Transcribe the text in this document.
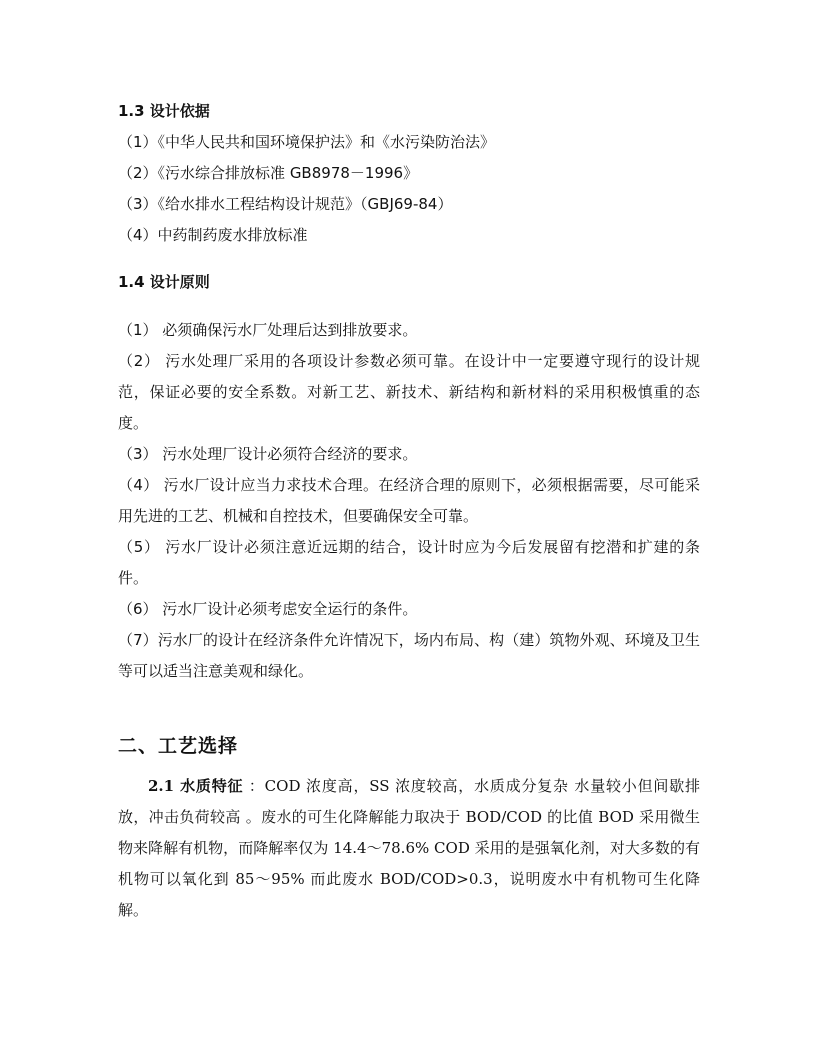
1.3 设计依据

（1）《中华人民共和国环境保护法》和《水污染防治法》

（2）《污水综合排放标准 GB8978－1996》

（3）《给水排水工程结构设计规范》（GBJ69-84）

（4）中药制药废水排放标准

1.4 设计原则

（1） 必须确保污水厂处理后达到排放要求。

（2） 污水处理厂采用的各项设计参数必须可靠。在设计中一定要遵守现行的设计规范，保证必要的安全系数。对新工艺、新技术、新结构和新材料的采用积极慎重的态度。

（3） 污水处理厂设计必须符合经济的要求。

（4） 污水厂设计应当力求技术合理。在经济合理的原则下，必须根据需要，尽可能采用先进的工艺、机械和自控技术，但要确保安全可靠。

（5） 污水厂设计必须注意近远期的结合，设计时应为今后发展留有挖潜和扩建的条件。

（6） 污水厂设计必须考虑安全运行的条件。

（7）污水厂的设计在经济条件允许情况下，场内布局、构（建）筑物外观、环境及卫生等可以适当注意美观和绿化。

二、工艺选择

2.1 水质特征 ：COD 浓度高，SS 浓度较高，水质成分复杂 水量较小但间歇排放，冲击负荷较高 。废水的可生化降解能力取决于 BOD/COD 的比值 BOD 采用微生物来降解有机物，而降解率仅为 14.4～78.6% COD 采用的是强氧化剂，对大多数的有机物可以氧化到 85～95% 而此废水 BOD/COD>0.3，说明废水中有机物可生化降解。
